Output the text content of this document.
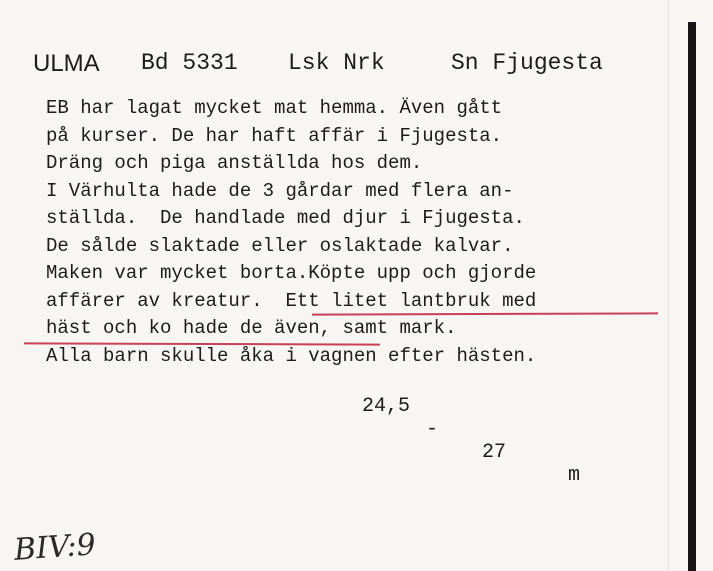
ULMA Bd 5331 Lsk Nrk	Sn Fjugesta
EB har lagat mycket mat hemma. Även gått
på kurser. De har haft affär i Fjugesta.
Dräng och piga anställda hos dem.
I Värhulta hade de 3 gårdar med flera an-
ställda.  De handlade med djur i Fjugesta.
De sålde slaktade eller oslaktade kalvar.
Maken var mycket borta.Köpte upp och gjorde
affärer av kreatur.  Ett litet lantbruk med
häst och ko hade de även, samt mark.
Alla barn skulle åka i vagnen efter hästen.

24,5

-

27

m

BIV:9
